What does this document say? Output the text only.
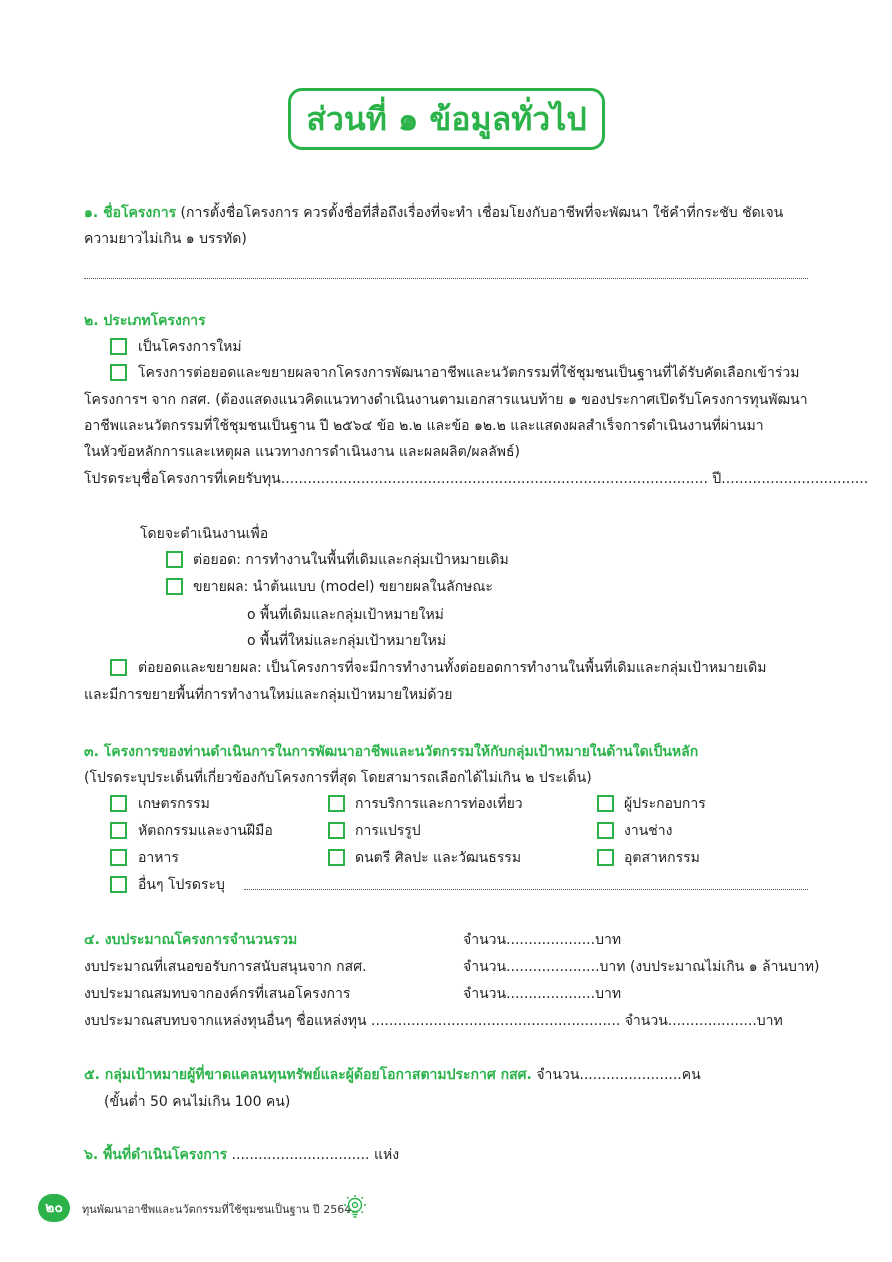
ส่วนที่ ๑ ข้อมูลทั่วไป
๑. ชื่อโครงการ (การตั้งชื่อโครงการ ควรตั้งชื่อที่สื่อถึงเรื่องที่จะทำ เชื่อมโยงกับอาชีพที่จะพัฒนา ใช้คำที่กระชับ ชัดเจน
ความยาวไม่เกิน ๑ บรรทัด)
๒. ประเภทโครงการ
เป็นโครงการใหม่
โครงการต่อยอดและขยายผลจากโครงการพัฒนาอาชีพและนวัตกรรมที่ใช้ชุมชนเป็นฐานที่ได้รับคัดเลือกเข้าร่วม
โครงการฯ จาก กสศ. (ต้องแสดงแนวคิดแนวทางดำเนินงานตามเอกสารแนบท้าย ๑ ของประกาศเปิดรับโครงการทุนพัฒนา
อาชีพและนวัตกรรมที่ใช้ชุมชนเป็นฐาน ปี ๒๕๖๔ ข้อ ๒.๒ และข้อ ๑๒.๒ และแสดงผลสำเร็จการดำเนินงานที่ผ่านมา
ในหัวข้อหลักการและเหตุผล แนวทางการดำเนินงาน และผลผลิต/ผลลัพธ์)
โปรดระบุชื่อโครงการที่เคยรับทุน................................................................................................ ปี.................................
โดยจะดำเนินงานเพื่อ
ต่อยอด: การทำงานในพื้นที่เดิมและกลุ่มเป้าหมายเดิม
ขยายผล: นำต้นแบบ (model) ขยายผลในลักษณะ
o พื้นที่เดิมและกลุ่มเป้าหมายใหม่
o พื้นที่ใหม่และกลุ่มเป้าหมายใหม่
ต่อยอดและขยายผล: เป็นโครงการที่จะมีการทำงานทั้งต่อยอดการทำงานในพื้นที่เดิมและกลุ่มเป้าหมายเดิม
และมีการขยายพื้นที่การทำงานใหม่และกลุ่มเป้าหมายใหม่ด้วย
๓. โครงการของท่านดำเนินการในการพัฒนาอาชีพและนวัตกรรมให้กับกลุ่มเป้าหมายในด้านใดเป็นหลัก
(โปรดระบุประเด็นที่เกี่ยวข้องกับโครงการที่สุด โดยสามารถเลือกได้ไม่เกิน ๒ ประเด็น)
เกษตรกรรม	การบริการและการท่องเที่ยว	ผู้ประกอบการ
หัตถกรรมและงานฝีมือ	การแปรรูป	งานช่าง
อาหาร	ดนตรี ศิลปะ และวัฒนธรรม	อุตสาหกรรม
อื่นๆ โปรดระบุ
๔. งบประมาณโครงการจำนวนรวม	จำนวน....................บาท
งบประมาณที่เสนอขอรับการสนับสนุนจาก กสศ.	จำนวน.....................บาท (งบประมาณไม่เกิน ๑ ล้านบาท)
งบประมาณสมทบจากองค์กรที่เสนอโครงการ	จำนวน....................บาท
งบประมาณสบทบจากแหล่งทุนอื่นๆ ชื่อแหล่งทุน ........................................................ จำนวน....................บาท
๕. กลุ่มเป้าหมายผู้ที่ขาดแคลนทุนทรัพย์และผู้ด้อยโอกาสตามประกาศ กสศ. จำนวน.......................คน
(ขั้นต่ำ 50 คนไม่เกิน 100 คน)
๖. พื้นที่ดำเนินโครงการ ............................... แห่ง
๒๐	ทุนพัฒนาอาชีพและนวัตกรรมที่ใช้ชุมชนเป็นฐาน ปี 2564
